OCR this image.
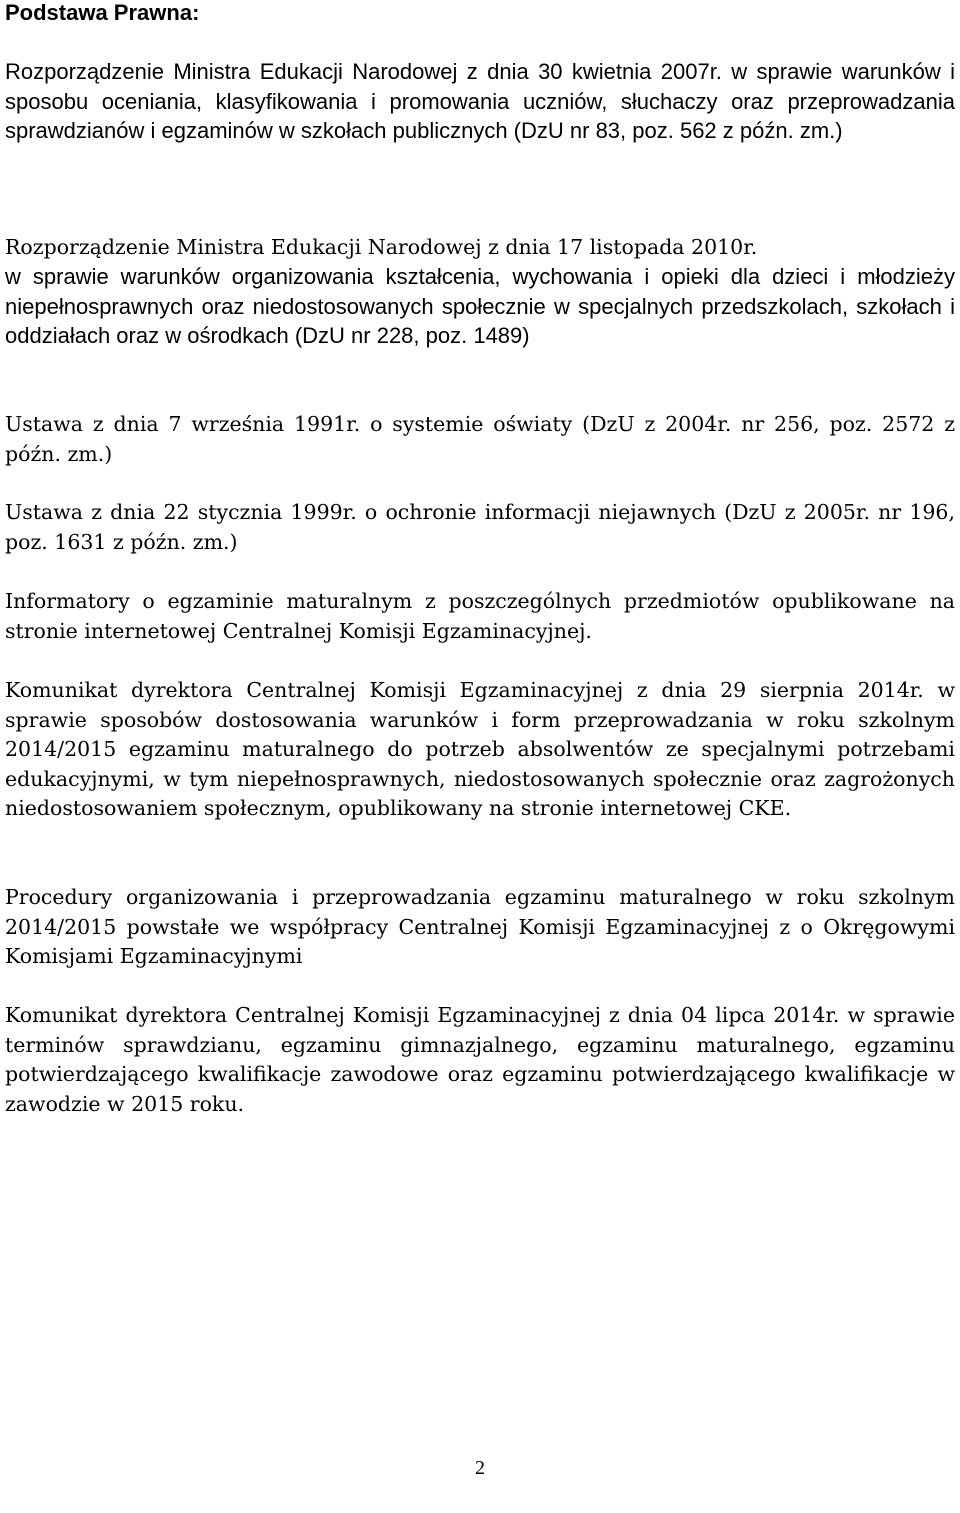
Podstawa Prawna:

Rozporządzenie Ministra Edukacji Narodowej z dnia 30 kwietnia 2007r. w sprawie warunków i sposobu oceniania, klasyfikowania i promowania uczniów, słuchaczy oraz przeprowadzania sprawdzianów i egzaminów w szkołach publicznych (DzU nr 83, poz. 562 z późn. zm.)

Rozporządzenie Ministra Edukacji Narodowej z dnia 17 listopada 2010r.

w sprawie warunków organizowania kształcenia, wychowania i opieki dla dzieci i młodzieży niepełnosprawnych oraz niedostosowanych społecznie w specjalnych przedszkolach, szkołach i oddziałach oraz w ośrodkach (DzU nr 228, poz. 1489)

Ustawa z dnia 7 września 1991r. o systemie oświaty (DzU z 2004r. nr 256, poz. 2572 z późn. zm.)

Ustawa z dnia 22 stycznia 1999r. o ochronie informacji niejawnych (DzU z 2005r. nr 196, poz. 1631 z późn. zm.)

Informatory o egzaminie maturalnym z poszczególnych przedmiotów opublikowane na stronie internetowej Centralnej Komisji Egzaminacyjnej.

Komunikat dyrektora Centralnej Komisji Egzaminacyjnej z dnia 29 sierpnia 2014r. w sprawie sposobów dostosowania warunków i form przeprowadzania w roku szkolnym 2014/2015 egzaminu maturalnego do potrzeb absolwentów ze specjalnymi potrzebami edukacyjnymi, w tym niepełnosprawnych, niedostosowanych społecznie oraz zagrożonych niedostosowaniem społecznym, opublikowany na stronie internetowej CKE.

Procedury organizowania i przeprowadzania egzaminu maturalnego w roku szkolnym 2014/2015 powstałe we współpracy Centralnej Komisji Egzaminacyjnej z o Okręgowymi Komisjami Egzaminacyjnymi

Komunikat dyrektora Centralnej Komisji Egzaminacyjnej z dnia 04 lipca 2014r. w sprawie terminów sprawdzianu, egzaminu gimnazjalnego, egzaminu maturalnego, egzaminu potwierdzającego kwalifikacje zawodowe oraz egzaminu potwierdzającego kwalifikacje w zawodzie w 2015 roku.

2
